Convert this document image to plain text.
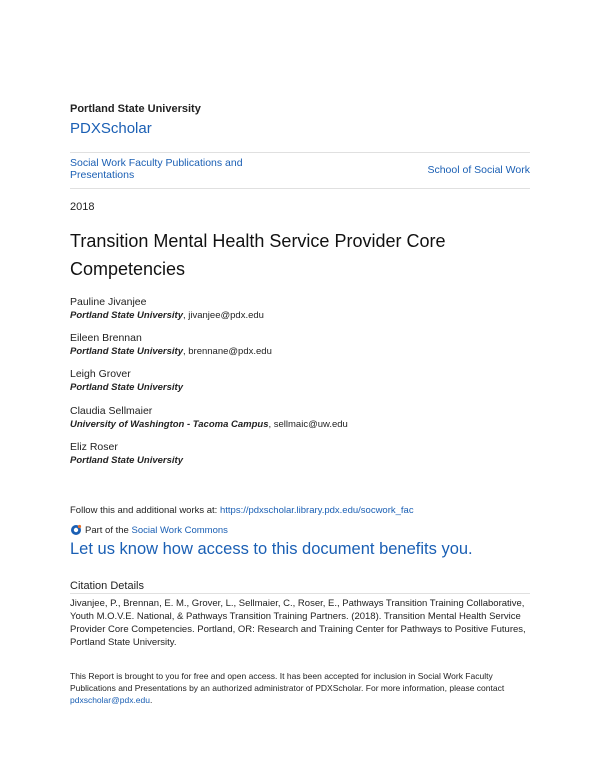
Portland State University
PDXScholar
Social Work Faculty Publications and Presentations	School of Social Work
2018
Transition Mental Health Service Provider Core Competencies
Pauline Jivanjee
Portland State University, jivanjee@pdx.edu
Eileen Brennan
Portland State University, brennane@pdx.edu
Leigh Grover
Portland State University
Claudia Sellmaier
University of Washington - Tacoma Campus, sellmaic@uw.edu
Eliz Roser
Portland State University
Follow this and additional works at: https://pdxscholar.library.pdx.edu/socwork_fac
Part of the
Social Work Commons
Let us know how access to this document benefits you.
Citation Details
Jivanjee, P., Brennan, E. M., Grover, L., Sellmaier, C., Roser, E., Pathways Transition Training Collaborative, Youth M.O.V.E. National, & Pathways Transition Training Partners. (2018). Transition Mental Health Service Provider Core Competencies. Portland, OR: Research and Training Center for Pathways to Positive Futures, Portland State University.
This Report is brought to you for free and open access. It has been accepted for inclusion in Social Work Faculty Publications and Presentations by an authorized administrator of PDXScholar. For more information, please contact pdxscholar@pdx.edu.
